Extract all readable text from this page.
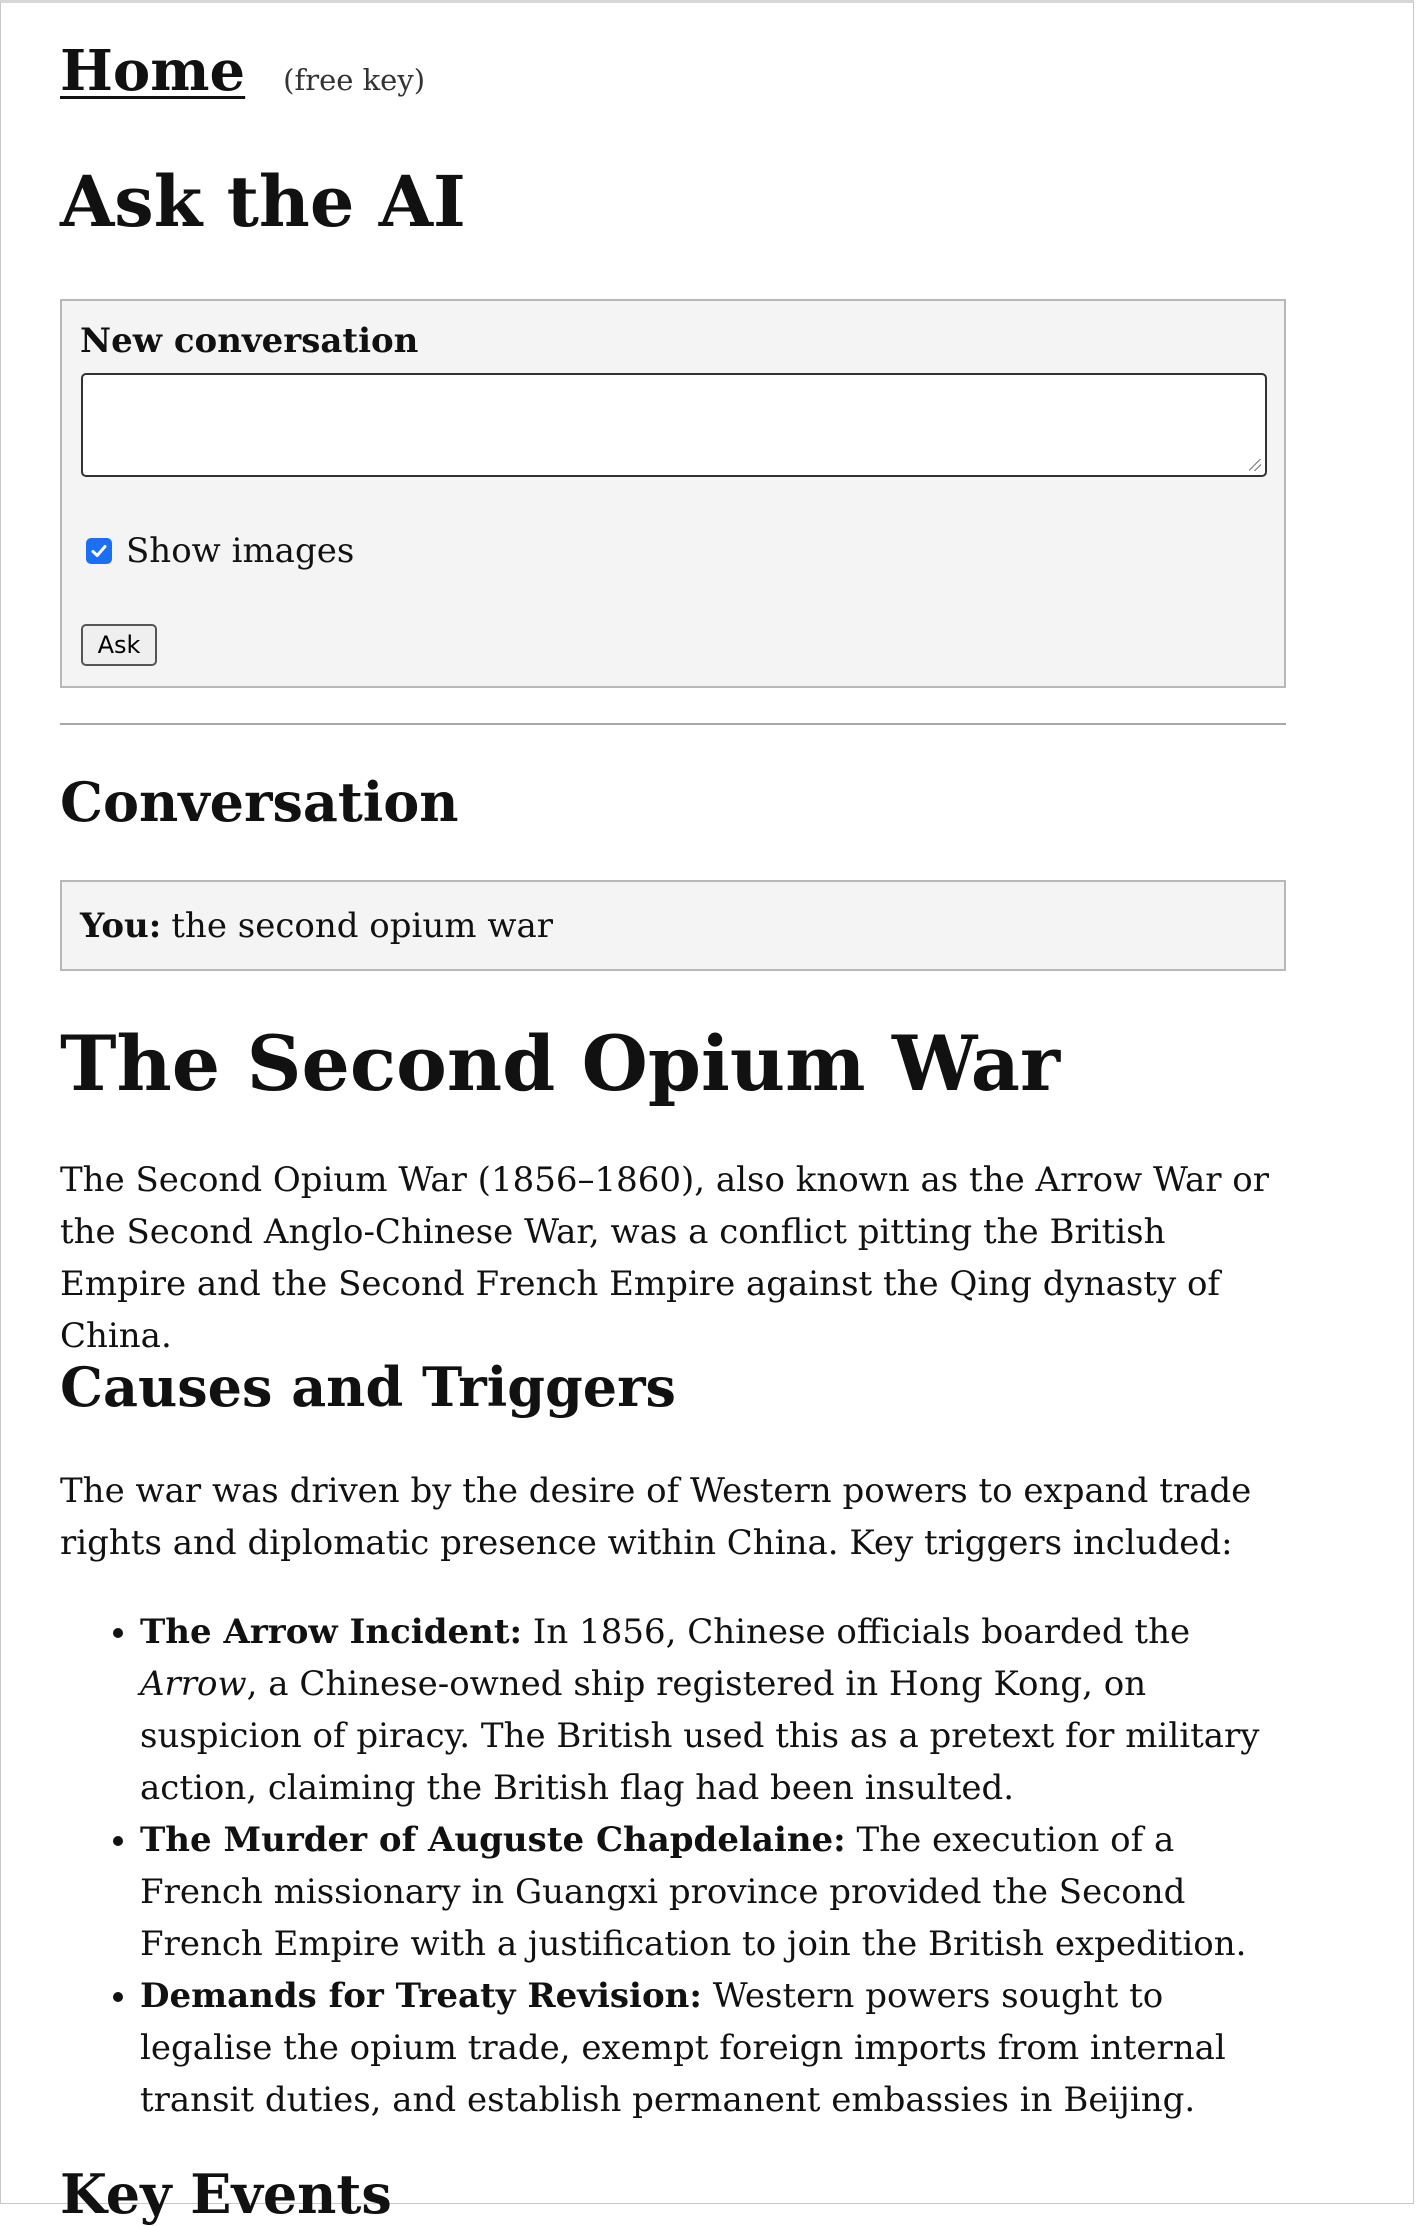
Home (free key)
Ask the AI
New conversation
Show images
Ask
Conversation
You: the second opium war
The Second Opium War

The Second Opium War (1856–1860), also known as the Arrow War or the Second Anglo-Chinese War, was a conflict pitting the British Empire and the Second French Empire against the Qing dynasty of China.

Causes and Triggers

The war was driven by the desire of Western powers to expand trade rights and diplomatic presence within China. Key triggers included:

• The Arrow Incident: In 1856, Chinese officials boarded the Arrow, a Chinese-owned ship registered in Hong Kong, on suspicion of piracy. The British used this as a pretext for military action, claiming the British flag had been insulted.
• The Murder of Auguste Chapdelaine: The execution of a French missionary in Guangxi province provided the Second French Empire with a justification to join the British expedition.
• Demands for Treaty Revision: Western powers sought to legalise the opium trade, exempt foreign imports from internal transit duties, and establish permanent embassies in Beijing.
Key Events
